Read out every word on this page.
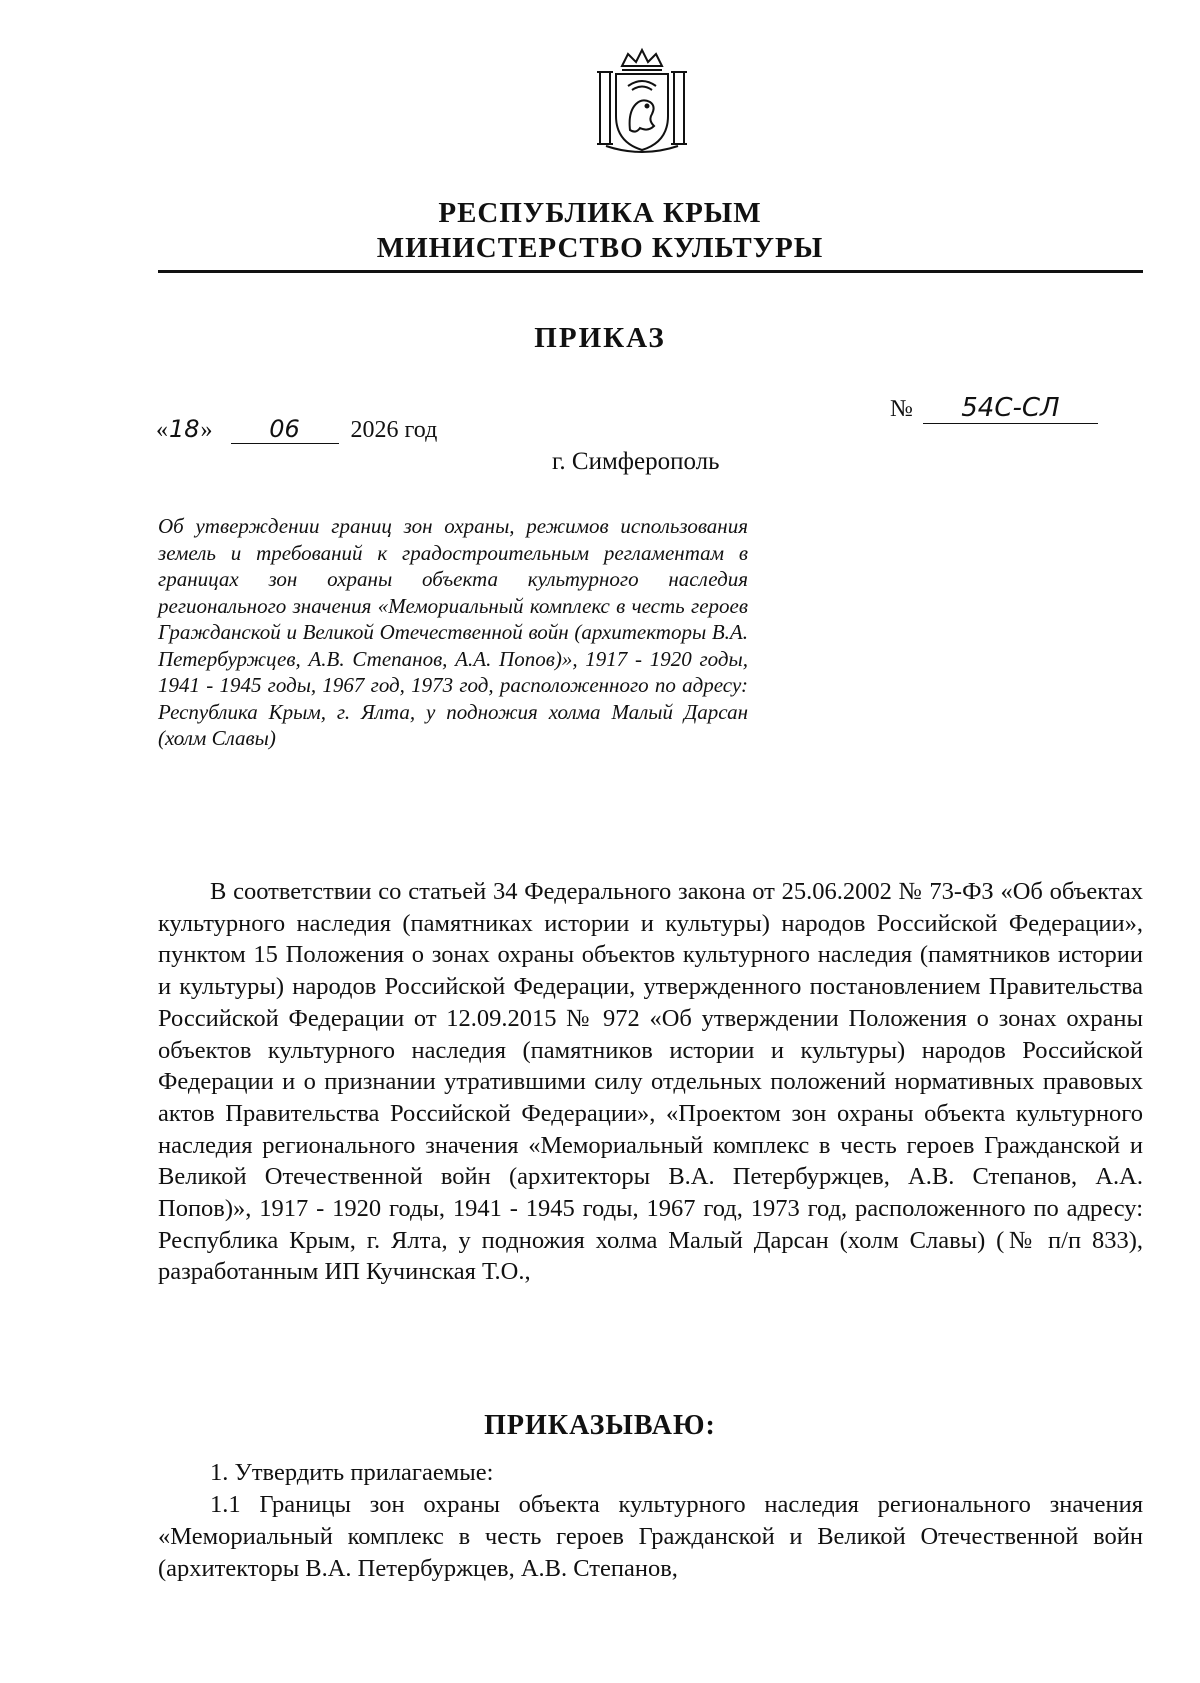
РЕСПУБЛИКА КРЫМ
МИНИСТЕРСТВО КУЛЬТУРЫ
ПРИКАЗ
«18» 06 2026 год
№ 54С-СЛ
г. Симферополь
Об утверждении границ зон охраны, режимов использования земель и требований к градостроительным регламентам в границах зон охраны объекта культурного наследия регионального значения «Мемориальный комплекс в честь героев Гражданской и Великой Отечественной войн (архитекторы В.А. Петербуржцев, А.В. Степанов, А.А. Попов)», 1917 - 1920 годы, 1941 - 1945 годы, 1967 год, 1973 год, расположенного по адресу: Республика Крым, г. Ялта, у подножия холма Малый Дарсан (холм Славы)
В соответствии со статьей 34 Федерального закона от 25.06.2002 № 73-ФЗ «Об объектах культурного наследия (памятниках истории и культуры) народов Российской Федерации», пунктом 15 Положения о зонах охраны объектов культурного наследия (памятников истории и культуры) народов Российской Федерации, утвержденного постановлением Правительства Российской Федерации от 12.09.2015 № 972 «Об утверждении Положения о зонах охраны объектов культурного наследия (памятников истории и культуры) народов Российской Федерации и о признании утратившими силу отдельных положений нормативных правовых актов Правительства Российской Федерации», «Проектом зон охраны объекта культурного наследия регионального значения «Мемориальный комплекс в честь героев Гражданской и Великой Отечественной войн (архитекторы В.А. Петербуржцев, А.В. Степанов, А.А. Попов)», 1917 - 1920 годы, 1941 - 1945 годы, 1967 год, 1973 год, расположенного по адресу: Республика Крым, г. Ялта, у подножия холма Малый Дарсан (холм Славы) (№ п/п 833), разработанным ИП Кучинская Т.О.,
ПРИКАЗЫВАЮ:
1. Утвердить прилагаемые:
1.1 Границы зон охраны объекта культурного наследия регионального значения «Мемориальный комплекс в честь героев Гражданской и Великой Отечественной войн (архитекторы В.А. Петербуржцев, А.В. Степанов,
